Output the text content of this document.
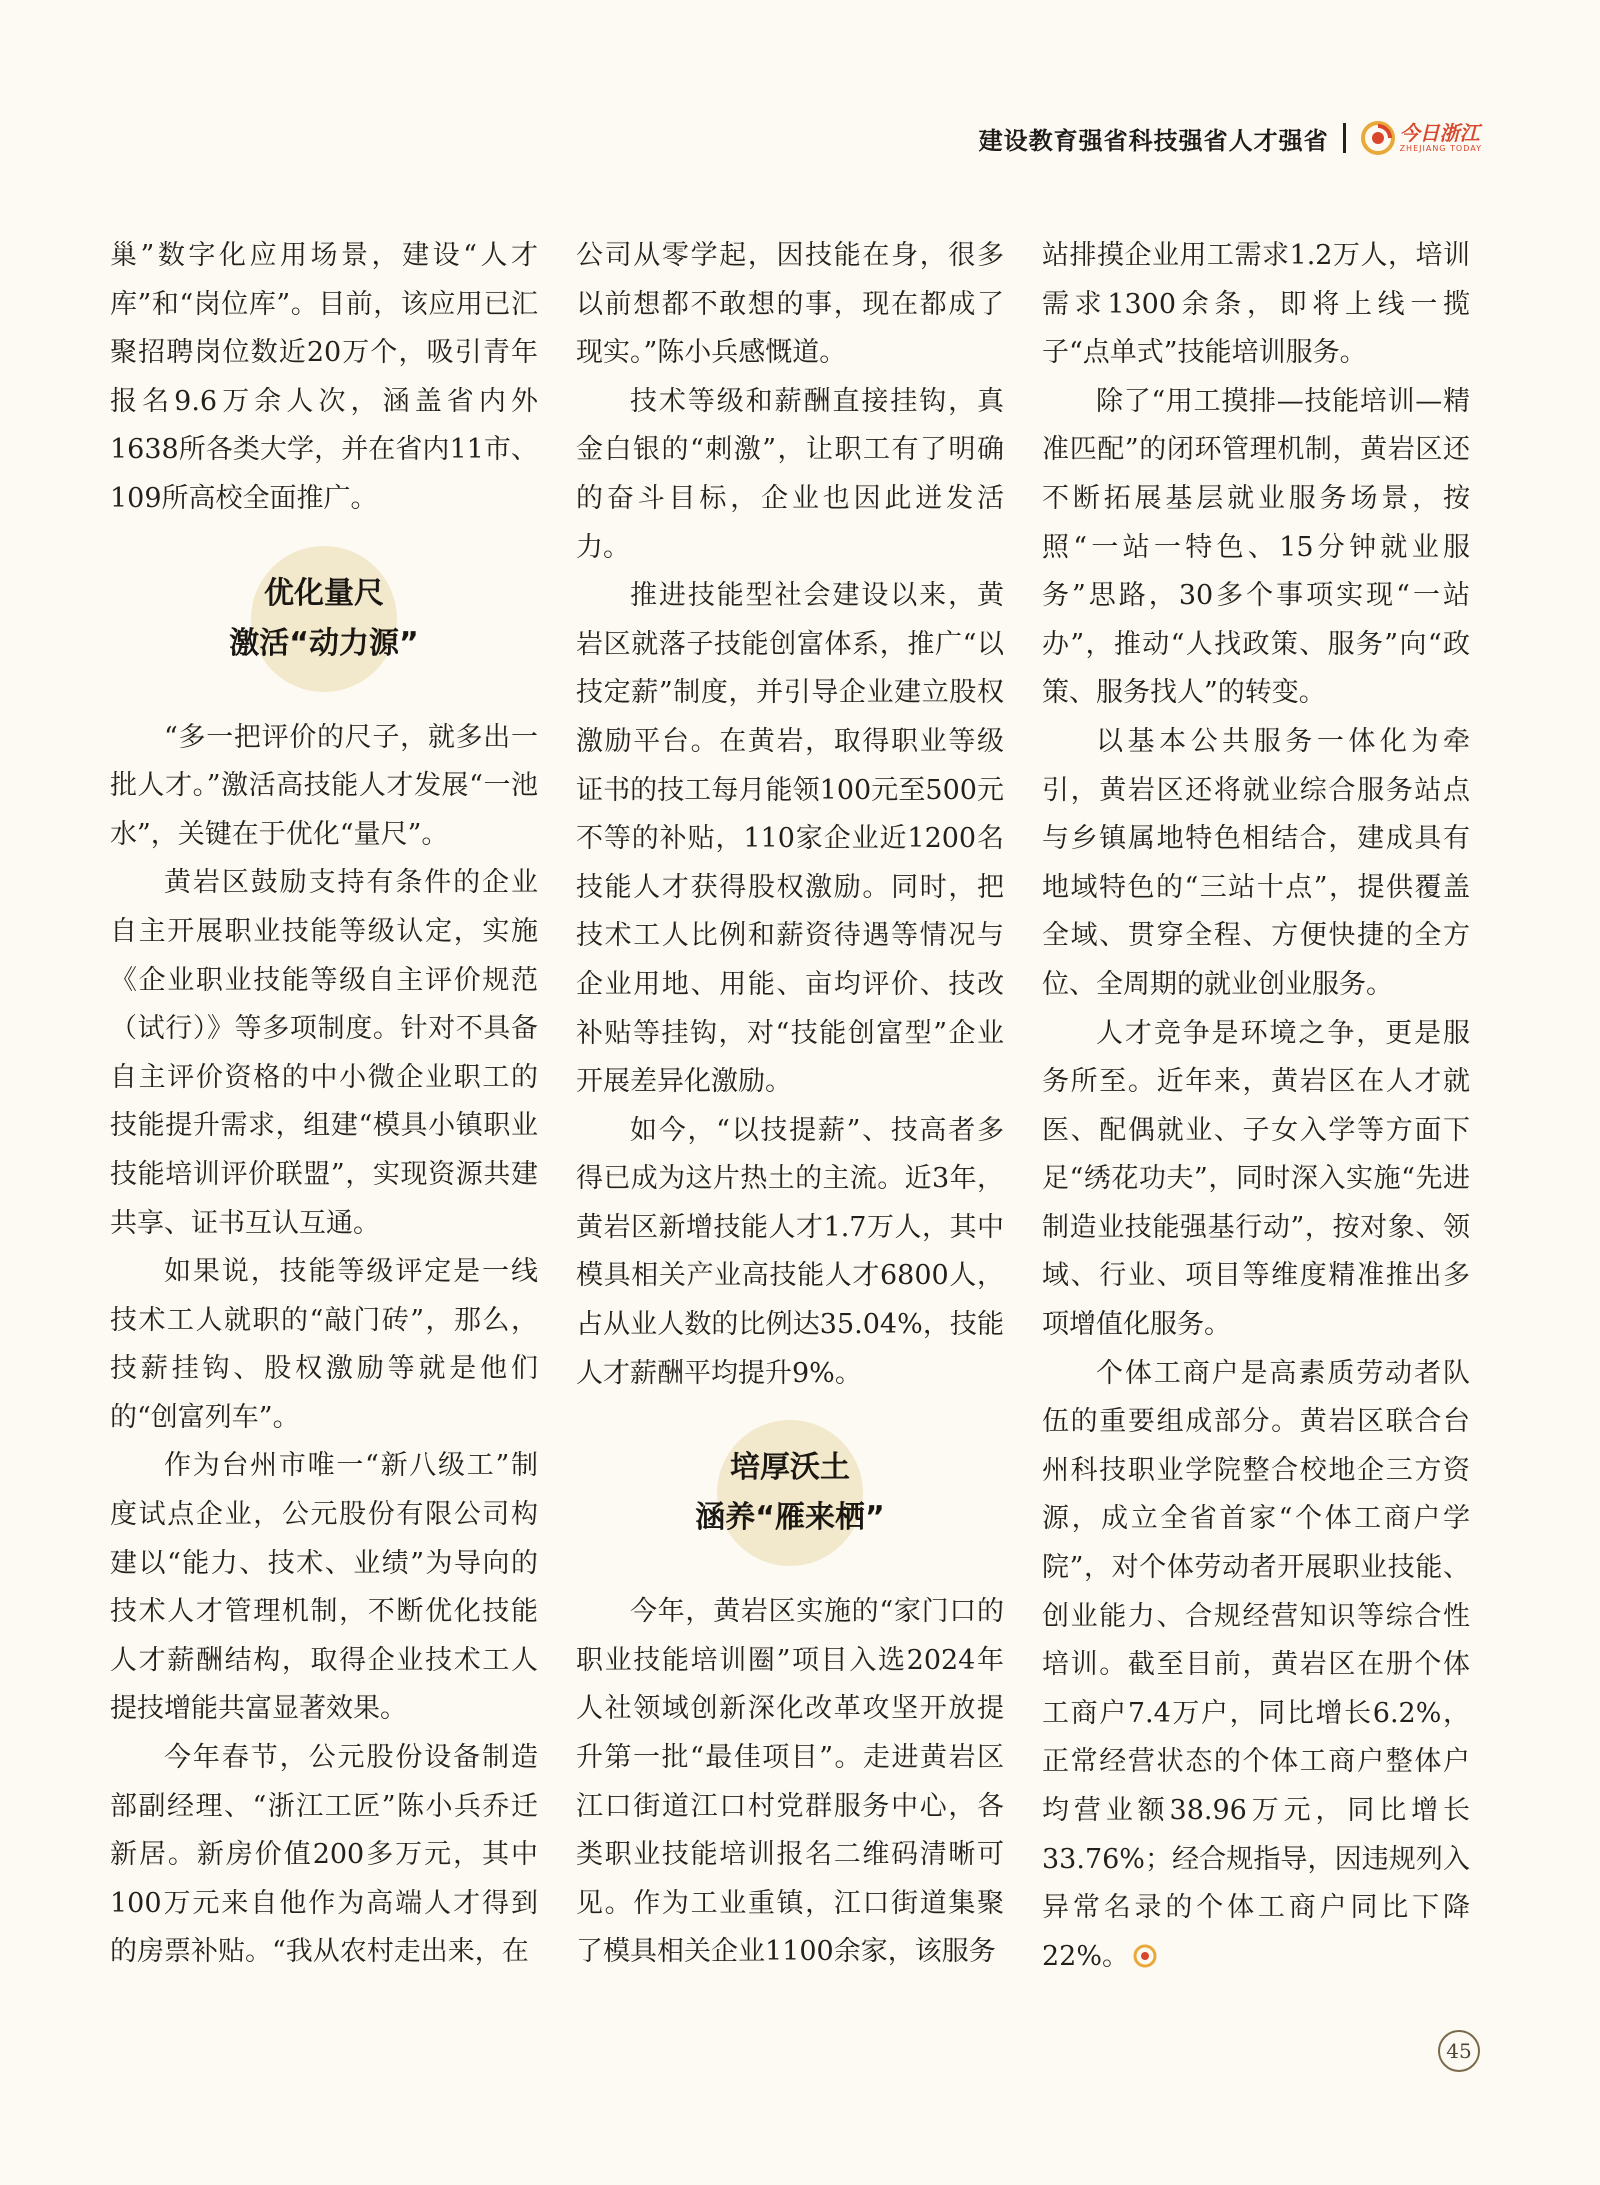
建设教育强省科技强省人才强省	今日浙江
ZHEJIANG TODAY

巢”数字化应用场景，建设“人才库”和“岗位库”。目前，该应用已汇聚招聘岗位数近20万个，吸引青年报名9.6万余人次，涵盖省内外1638所各类大学，并在省内11市、109所高校全面推广。

优化量尺
激活“动力源”

“多一把评价的尺子，就多出一批人才。”激活高技能人才发展“一池水”，关键在于优化“量尺”。

黄岩区鼓励支持有条件的企业自主开展职业技能等级认定，实施《企业职业技能等级自主评价规范（试行）》等多项制度。针对不具备自主评价资格的中小微企业职工的技能提升需求，组建“模具小镇职业技能培训评价联盟”，实现资源共建共享、证书互认互通。

如果说，技能等级评定是一线技术工人就职的“敲门砖”，那么，技薪挂钩、股权激励等就是他们的“创富列车”。

作为台州市唯一“新八级工”制度试点企业，公元股份有限公司构建以“能力、技术、业绩”为导向的技术人才管理机制，不断优化技能人才薪酬结构，取得企业技术工人提技增能共富显著效果。

今年春节，公元股份设备制造部副经理、“浙江工匠”陈小兵乔迁新居。新房价值200多万元，其中100万元来自他作为高端人才得到的房票补贴。“我从农村走出来，在

公司从零学起，因技能在身，很多以前想都不敢想的事，现在都成了现实。”陈小兵感慨道。

技术等级和薪酬直接挂钩，真金白银的“刺激”，让职工有了明确的奋斗目标，企业也因此迸发活力。

推进技能型社会建设以来，黄岩区就落子技能创富体系，推广“以技定薪”制度，并引导企业建立股权激励平台。在黄岩，取得职业等级证书的技工每月能领100元至500元不等的补贴，110家企业近1200名技能人才获得股权激励。同时，把技术工人比例和薪资待遇等情况与企业用地、用能、亩均评价、技改补贴等挂钩，对“技能创富型”企业开展差异化激励。

如今，“以技提薪”、技高者多得已成为这片热土的主流。近3年，黄岩区新增技能人才1.7万人，其中模具相关产业高技能人才6800人，占从业人数的比例达35.04%，技能人才薪酬平均提升9%。

培厚沃土
涵养“雁来栖”

今年，黄岩区实施的“家门口的职业技能培训圈”项目入选2024年人社领域创新深化改革攻坚开放提升第一批“最佳项目”。走进黄岩区江口街道江口村党群服务中心，各类职业技能培训报名二维码清晰可见。作为工业重镇，江口街道集聚了模具相关企业1100余家，该服务

站排摸企业用工需求1.2万人，培训需求1300余条，即将上线一揽子“点单式”技能培训服务。

除了“用工摸排—技能培训—精准匹配”的闭环管理机制，黄岩区还不断拓展基层就业服务场景，按照“一站一特色、15分钟就业服务”思路，30多个事项实现“一站办”，推动“人找政策、服务”向“政策、服务找人”的转变。

以基本公共服务一体化为牵引，黄岩区还将就业综合服务站点与乡镇属地特色相结合，建成具有地域特色的“三站十点”，提供覆盖全域、贯穿全程、方便快捷的全方位、全周期的就业创业服务。

人才竞争是环境之争，更是服务所至。近年来，黄岩区在人才就医、配偶就业、子女入学等方面下足“绣花功夫”，同时深入实施“先进制造业技能强基行动”，按对象、领域、行业、项目等维度精准推出多项增值化服务。

个体工商户是高素质劳动者队伍的重要组成部分。黄岩区联合台州科技职业学院整合校地企三方资源，成立全省首家“个体工商户学院”，对个体劳动者开展职业技能、创业能力、合规经营知识等综合性培训。截至目前，黄岩区在册个体工商户7.4万户，同比增长6.2%，正常经营状态的个体工商户整体户均营业额38.96万元，同比增长33.76%；经合规指导，因违规列入异常名录的个体工商户同比下降22%。

45
